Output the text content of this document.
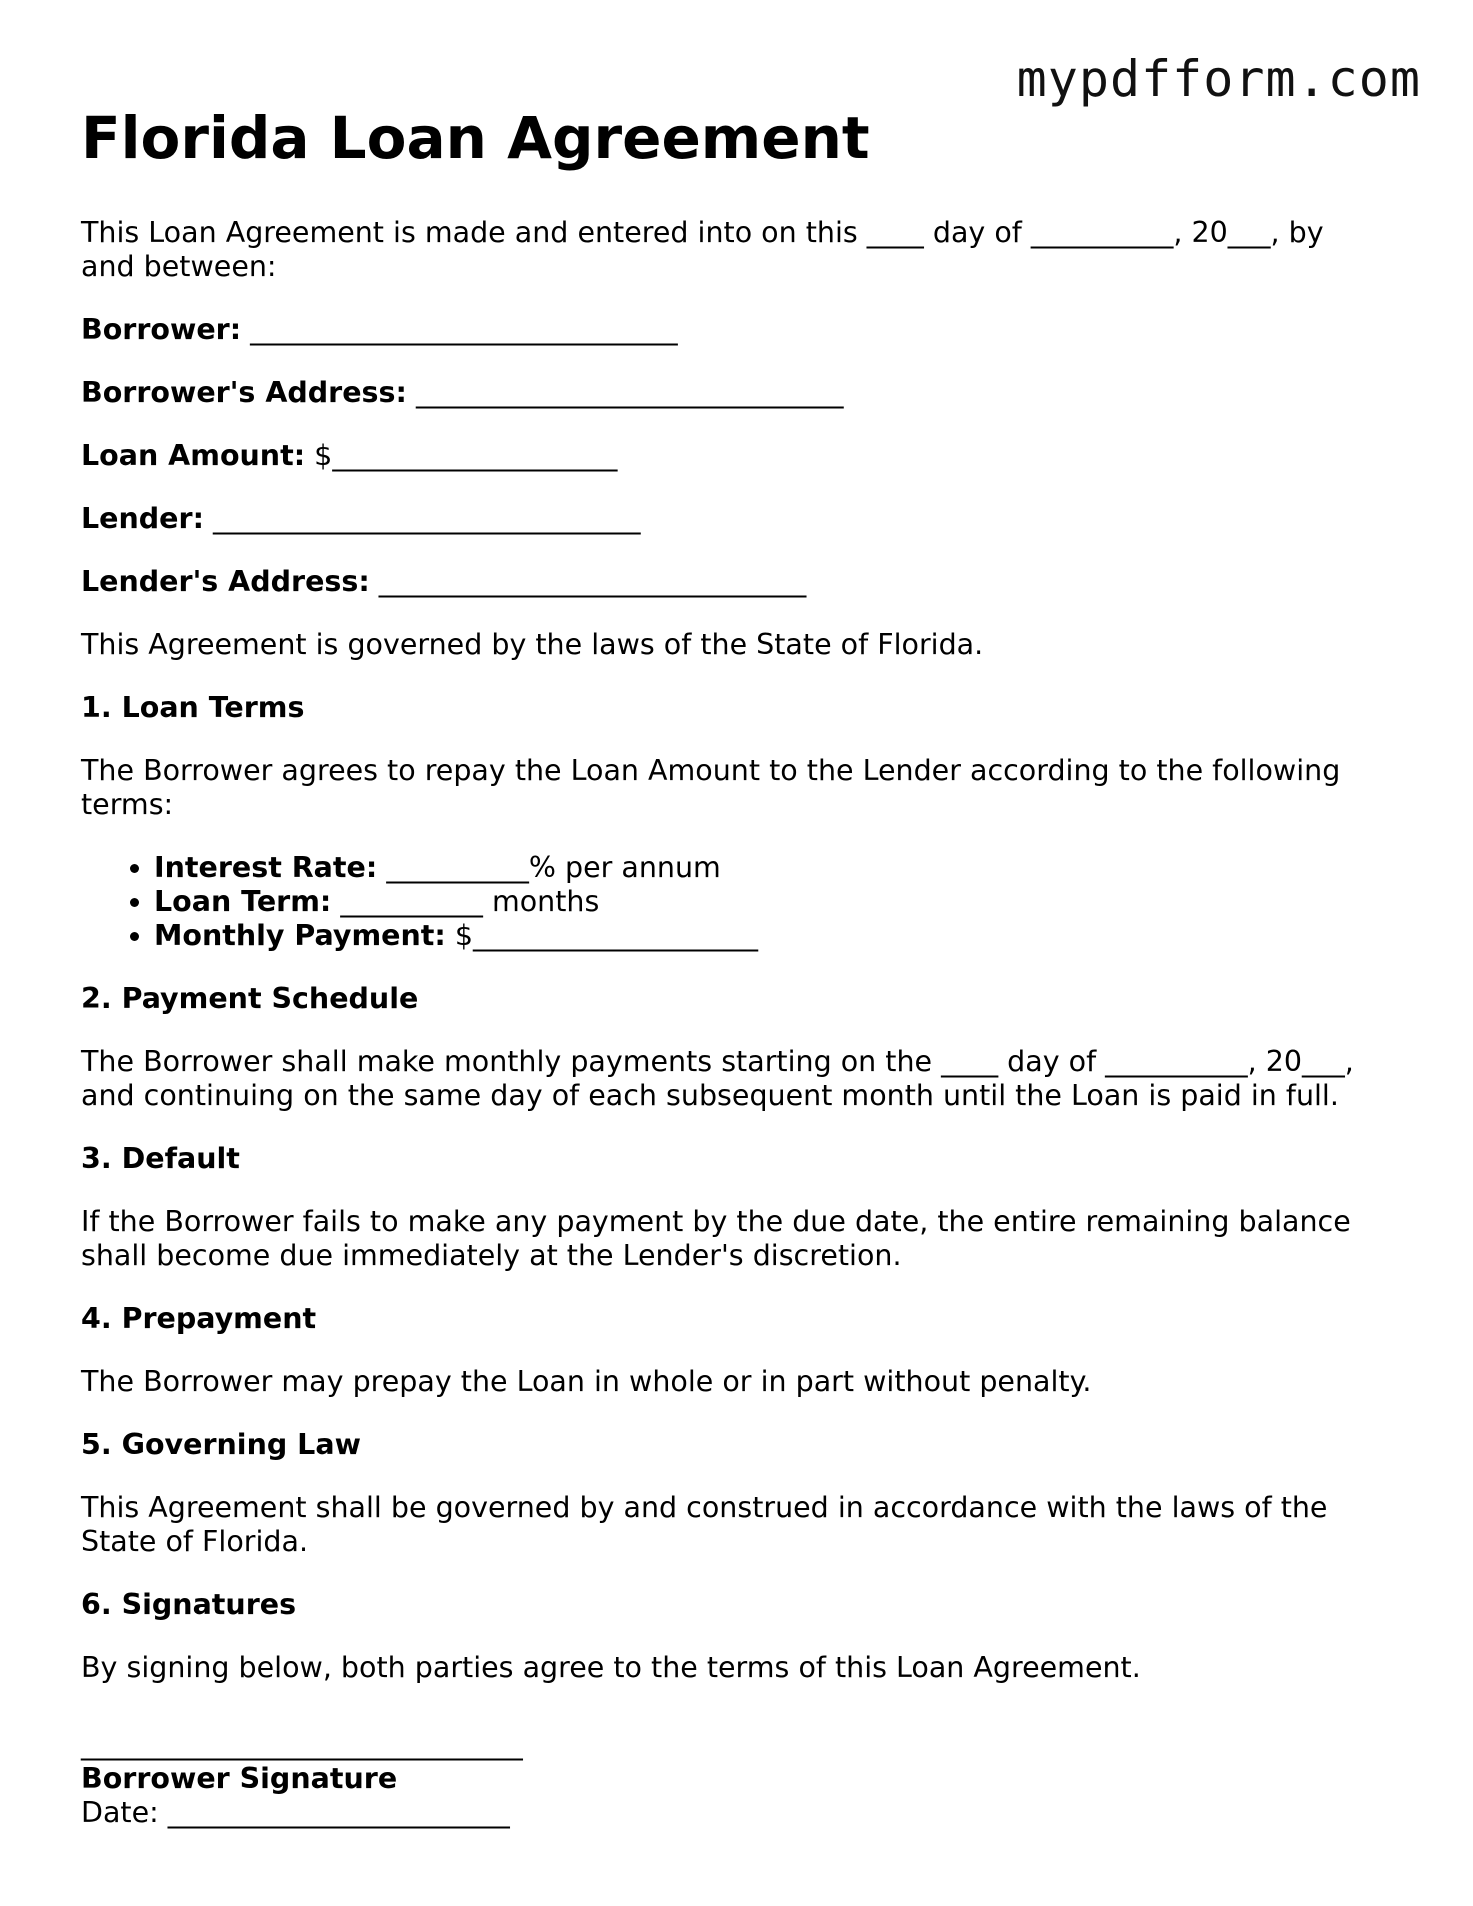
mypdfform.com
Florida Loan Agreement

This Loan Agreement is made and entered into on this ____ day of __________, 20___, by and between:

Borrower: ______________________________
Borrower's Address: ______________________________
Loan Amount: $____________________
Lender: ______________________________
Lender's Address: ______________________________

This Agreement is governed by the laws of the State of Florida.

1. Loan Terms

The Borrower agrees to repay the Loan Amount to the Lender according to the following terms:

• Interest Rate: __________% per annum
• Loan Term: __________ months
• Monthly Payment: $____________________
2. Payment Schedule

The Borrower shall make monthly payments starting on the ____ day of __________, 20___, and continuing on the same day of each subsequent month until the Loan is paid in full.

3. Default

If the Borrower fails to make any payment by the due date, the entire remaining balance shall become due immediately at the Lender's discretion.

4. Prepayment

The Borrower may prepay the Loan in whole or in part without penalty.

5. Governing Law

This Agreement shall be governed by and construed in accordance with the laws of the State of Florida.

6. Signatures

By signing below, both parties agree to the terms of this Loan Agreement.

_______________________________
Borrower Signature
Date: ________________________
